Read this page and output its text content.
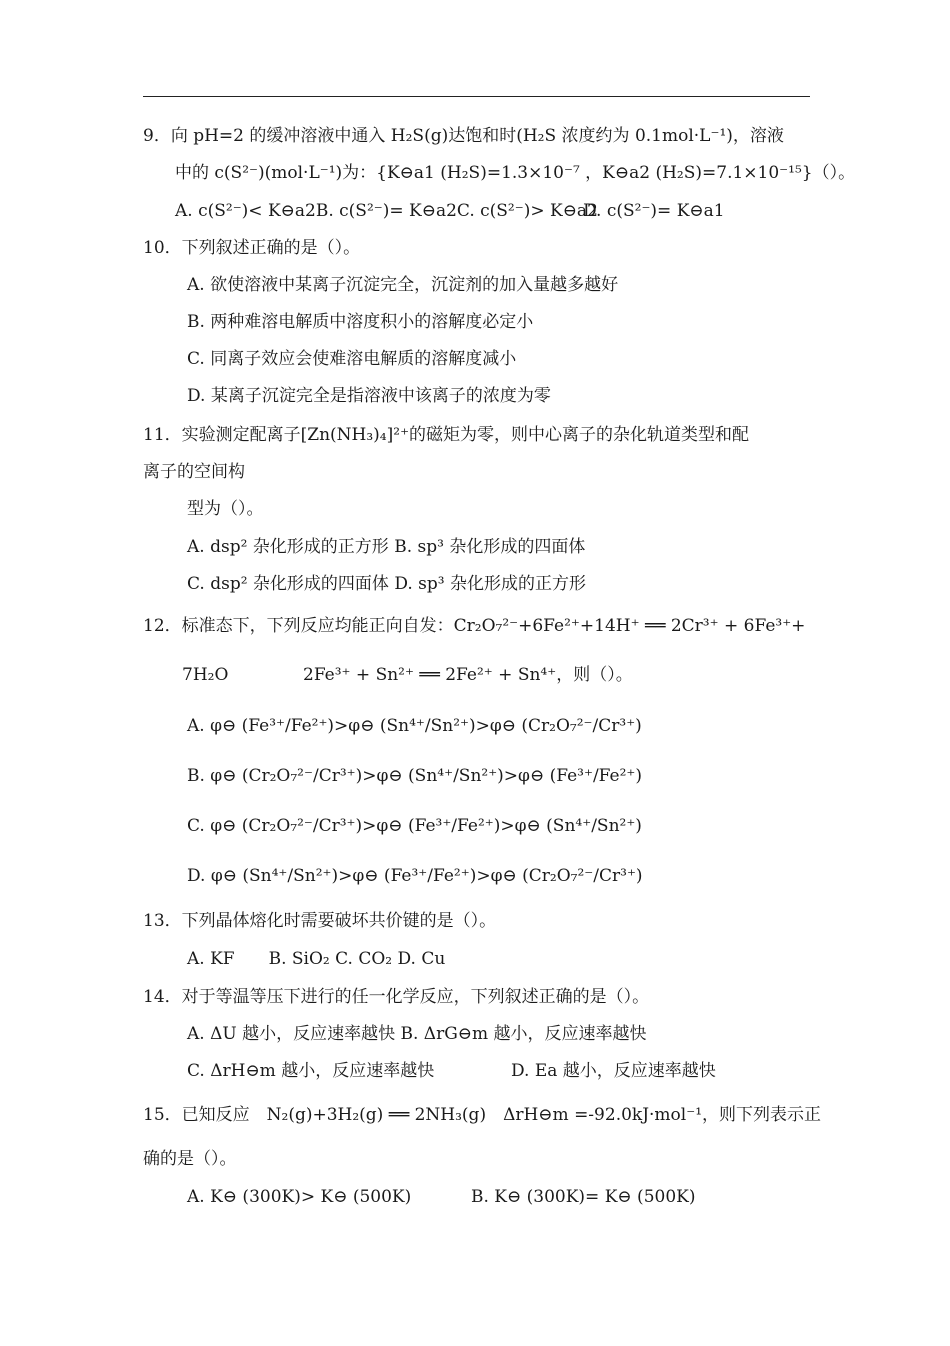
9．向 pH=2 的缓冲溶液中通入 H₂S(g)达饱和时(H₂S 浓度约为 0.1mol·L⁻¹)，溶液
中的 c(S²⁻)(mol·L⁻¹)为：{K⊖a1 (H₂S)=1.3×10⁻⁷ ，K⊖a2 (H₂S)=7.1×10⁻¹⁵}（）。
A. c(S²⁻)< K⊖a2B. c(S²⁻)= K⊖a2C. c(S²⁻)> K⊖a2
D. c(S²⁻)= K⊖a1
10．下列叙述正确的是（）。
A. 欲使溶液中某离子沉淀完全，沉淀剂的加入量越多越好
B. 两种难溶电解质中溶度积小的溶解度必定小
C. 同离子效应会使难溶电解质的溶解度减小
D. 某离子沉淀完全是指溶液中该离子的浓度为零
11．实验测定配离子[Zn(NH₃)₄]²⁺的磁矩为零，则中心离子的杂化轨道类型和配
离子的空间构
型为（）。
A. dsp² 杂化形成的正方形 B. sp³ 杂化形成的四面体
C. dsp² 杂化形成的四面体 D. sp³ 杂化形成的正方形
12．标准态下，下列反应均能正向自发：Cr₂O₇²⁻+6Fe²⁺+14H⁺ ══ 2Cr³⁺ + 6Fe³⁺+
7H₂O	2Fe³⁺ + Sn²⁺ ══ 2Fe²⁺ + Sn⁴⁺，则（）。
A. φ⊖ (Fe³⁺/Fe²⁺)>φ⊖ (Sn⁴⁺/Sn²⁺)>φ⊖ (Cr₂O₇²⁻/Cr³⁺)
B. φ⊖ (Cr₂O₇²⁻/Cr³⁺)>φ⊖ (Sn⁴⁺/Sn²⁺)>φ⊖ (Fe³⁺/Fe²⁺)
C. φ⊖ (Cr₂O₇²⁻/Cr³⁺)>φ⊖ (Fe³⁺/Fe²⁺)>φ⊖ (Sn⁴⁺/Sn²⁺)
D. φ⊖ (Sn⁴⁺/Sn²⁺)>φ⊖ (Fe³⁺/Fe²⁺)>φ⊖ (Cr₂O₇²⁻/Cr³⁺)
13．下列晶体熔化时需要破坏共价键的是（）。
A. KF　　B. SiO₂ C. CO₂ D. Cu
14．对于等温等压下进行的任一化学反应，下列叙述正确的是（）。
A. ΔU 越小，反应速率越快 B. ΔrG⊖m 越小，反应速率越快
C. ΔrH⊖m 越小，反应速率越快	D. Ea 越小，反应速率越快
15．已知反应　N₂(g)+3H₂(g) ══ 2NH₃(g)　ΔrH⊖m =-92.0kJ·mol⁻¹，则下列表示正
确的是（）。
A. K⊖ (300K)> K⊖ (500K)	B. K⊖ (300K)= K⊖ (500K)
